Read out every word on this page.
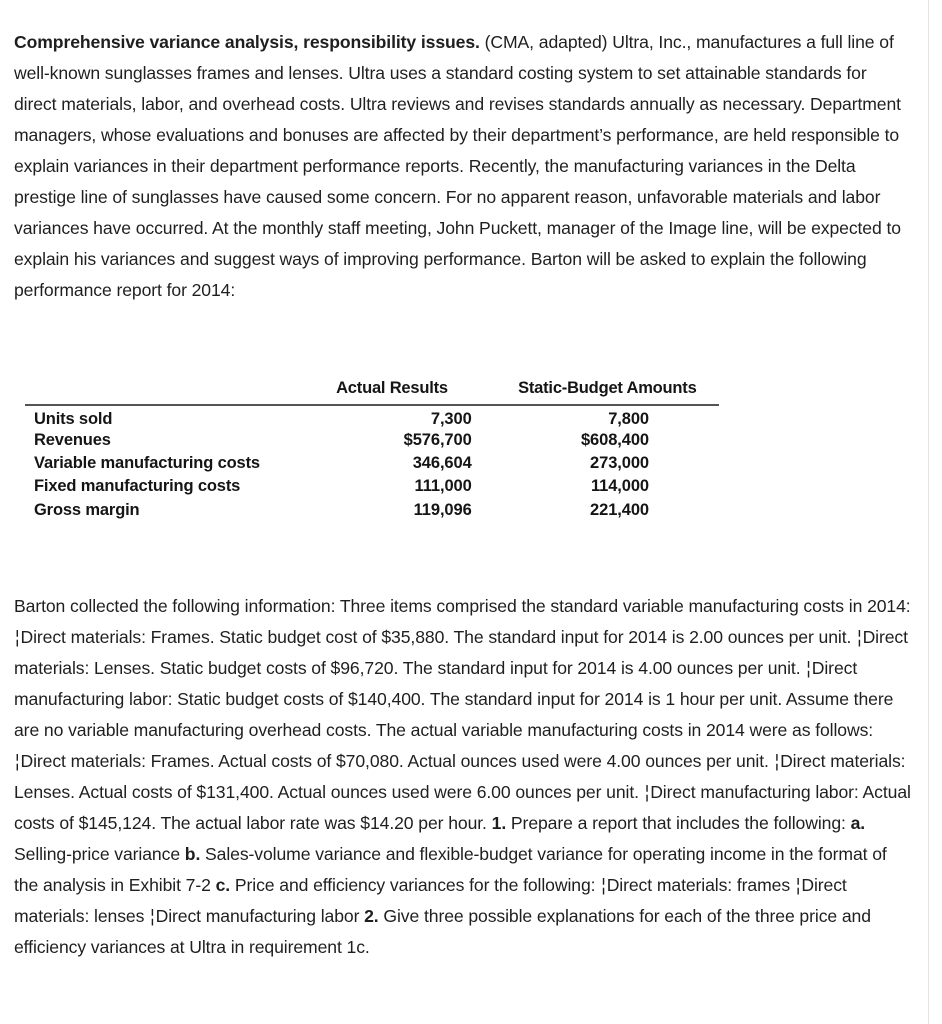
Comprehensive variance analysis, responsibility issues. (CMA, adapted) Ultra, Inc., manufactures a full line of well-known sunglasses frames and lenses. Ultra uses a standard costing system to set attainable standards for direct materials, labor, and overhead costs. Ultra reviews and revises standards annually as necessary. Department managers, whose evaluations and bonuses are affected by their department’s performance, are held responsible to explain variances in their department performance reports. Recently, the manufacturing variances in the Delta prestige line of sunglasses have caused some concern. For no apparent reason, unfavorable materials and labor variances have occurred. At the monthly staff meeting, John Puckett, manager of the Image line, will be expected to explain his variances and suggest ways of improving performance. Barton will be asked to explain the following performance report for 2014:

	Actual Results	Static-Budget Amounts

Units sold	7,300	7,800
Revenues	$576,700	$608,400
Variable manufacturing costs	346,604	273,000
Fixed manufacturing costs	111,000	114,000
Gross margin	119,096	221,400

Barton collected the following information: Three items comprised the standard variable manufacturing costs in 2014: ¦Direct materials: Frames. Static budget cost of $35,880. The standard input for 2014 is 2.00 ounces per unit. ¦Direct materials: Lenses. Static budget costs of $96,720. The standard input for 2014 is 4.00 ounces per unit. ¦Direct manufacturing labor: Static budget costs of $140,400. The standard input for 2014 is 1 hour per unit. Assume there are no variable manufacturing overhead costs. The actual variable manufacturing costs in 2014 were as follows: ¦Direct materials: Frames. Actual costs of $70,080. Actual ounces used were 4.00 ounces per unit. ¦Direct materials: Lenses. Actual costs of $131,400. Actual ounces used were 6.00 ounces per unit. ¦Direct manufacturing labor: Actual costs of $145,124. The actual labor rate was $14.20 per hour. 1. Prepare a report that includes the following: a. Selling-price variance b. Sales-volume variance and flexible-budget variance for operating income in the format of the analysis in Exhibit 7-2 c. Price and efficiency variances for the following: ¦Direct materials: frames ¦Direct materials: lenses ¦Direct manufacturing labor 2. Give three possible explanations for each of the three price and efficiency variances at Ultra in requirement 1c.
